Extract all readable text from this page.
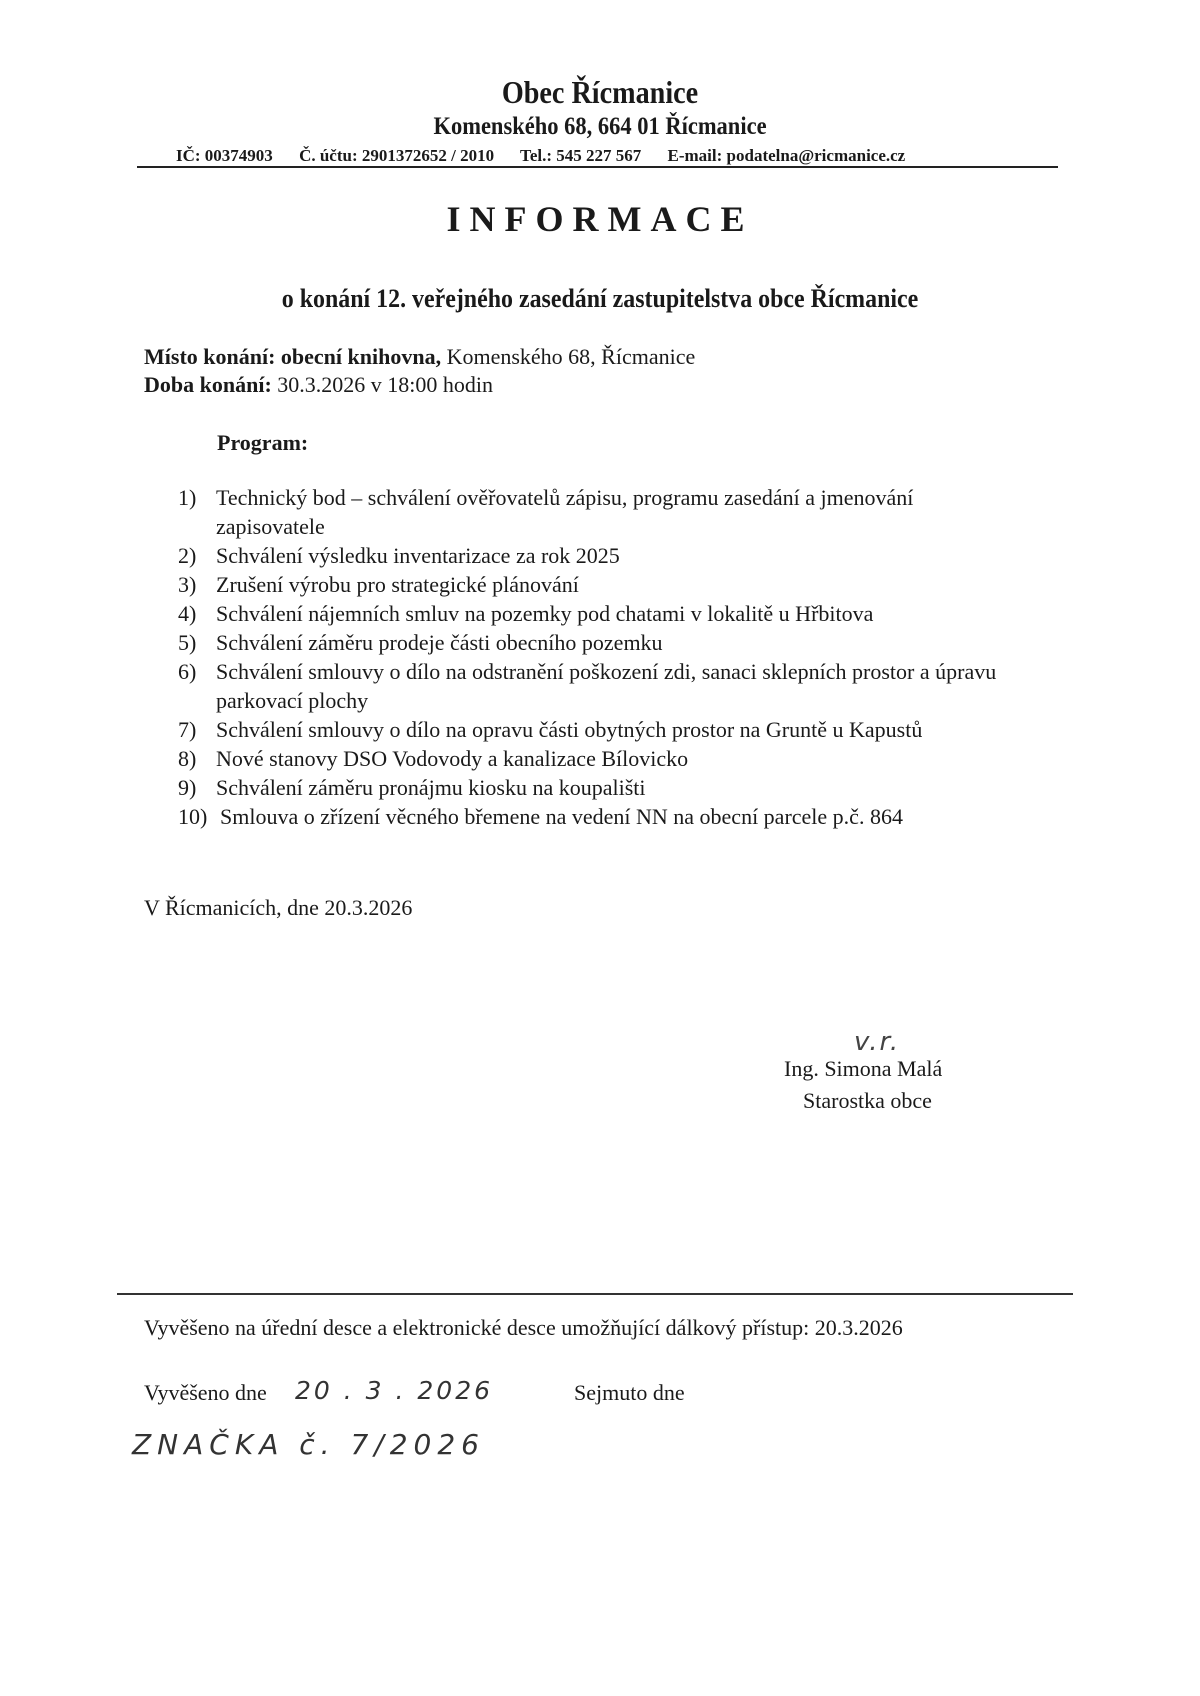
Obec Řícmanice
Komenského 68, 664 01 Řícmanice
IČ: 00374903 Č. účtu: 2901372652 / 2010 Tel.: 545 227 567 E-mail: podatelna@ricmanice.cz
INFORMACE
o konání 12. veřejného zasedání zastupitelstva obce Řícmanice
Místo konání: obecní knihovna, Komenského 68, Řícmanice
Doba konání: 30.3.2026 v 18:00 hodin
Program:
1) Technický bod – schválení ověřovatelů zápisu, programu zasedání a jmenování zapisovatele
2) Schválení výsledku inventarizace za rok 2025
3) Zrušení výrobu pro strategické plánování
4) Schválení nájemních smluv na pozemky pod chatami v lokalitě u Hřbitova
5) Schválení záměru prodeje části obecního pozemku
6) Schválení smlouvy o dílo na odstranění poškození zdi, sanaci sklepních prostor a úpravu parkovací plochy
7) Schválení smlouvy o dílo na opravu části obytných prostor na Gruntě u Kapustů
8) Nové stanovy DSO Vodovody a kanalizace Bílovicko
9) Schválení záměru pronájmu kiosku na koupališti
10) Smlouva o zřízení věcného břemene na vedení NN na obecní parcele p.č. 864
V Řícmanicích, dne 20.3.2026
v.r.
Ing. Simona Malá
Starostka obce
Vyvěšeno na úřední desce a elektronické desce umožňující dálkový přístup: 20.3.2026
Vyvěšeno dne 20 . 3 . 2026	Sejmuto dne
ZNAČKA č. 7/2026
